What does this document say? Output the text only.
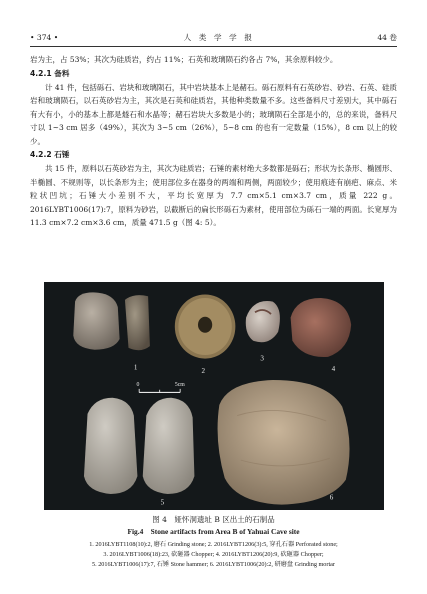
• 374 •	人　类　学　学　报	44 卷

岩为主，占 53%；其次为硅质岩，约占 11%；石英和玻璃陨石约各占 7%，其余原料较少。

4.2.1 备料

计 41 件，包括砾石、岩块和玻璃陨石，其中岩块基本上是赭石。砾石原料有石英砂岩、砂岩、石英、硅质岩和玻璃陨石，以石英砂岩为主，其次是石英和硅质岩，其他种类数量不多。这些备料尺寸差别大，其中砾石有大有小，小的基本上都是燧石和水晶等；赭石岩块大多数是小的；玻璃陨石全部是小的，总的来说，备料尺寸以 1~3 cm 居多（49%），其次为 3~5 cm（26%），5~8 cm 的也有一定数量（15%），8 cm 以上的较少。

4.2.2 石锤

共 15 件，原料以石英砂岩为主，其次为硅质岩；石锤的素材绝大多数都是砾石；形状为长条形、椭圆形、半椭圆、不规则等，以长条形为主；使用部位多在器身的两端和两侧，两面较少；使用痕迹有崩疤、麻点、米粒状凹坑；石锤大小差别不大，平均长宽厚为 7.7 cm×5.1 cm×3.7 cm，质量 222 g。2016LYBT1006(17):7，原料为砂岩，以截断后的扁长形砾石为素材，使用部位为砾石一端的两面。长宽厚为 11.3 cm×7.2 cm×3.6 cm，质量 471.5 g（图 4: 5）。

1	2
3
4
0	5cm
5
6
图 4　娅怀洞遗址 B 区出土的石制品
Fig.4　Stone artifacts from Area B of Yahuai Cave site
1. 2016LYBT1108(10):2, 磨石 Grinding stone; 2. 2016LYBT1206(3):5, 穿孔石器 Perforated stone;
3. 2016LYBT1006(18):23, 砍砸器 Chopper; 4. 2016LYBT1206(20):9, 砍砸器 Chopper;
5. 2016LYBT1006(17):7, 石锤 Stone hammer; 6. 2016LYBT1006(20):2, 研磨盘 Grinding mortar
